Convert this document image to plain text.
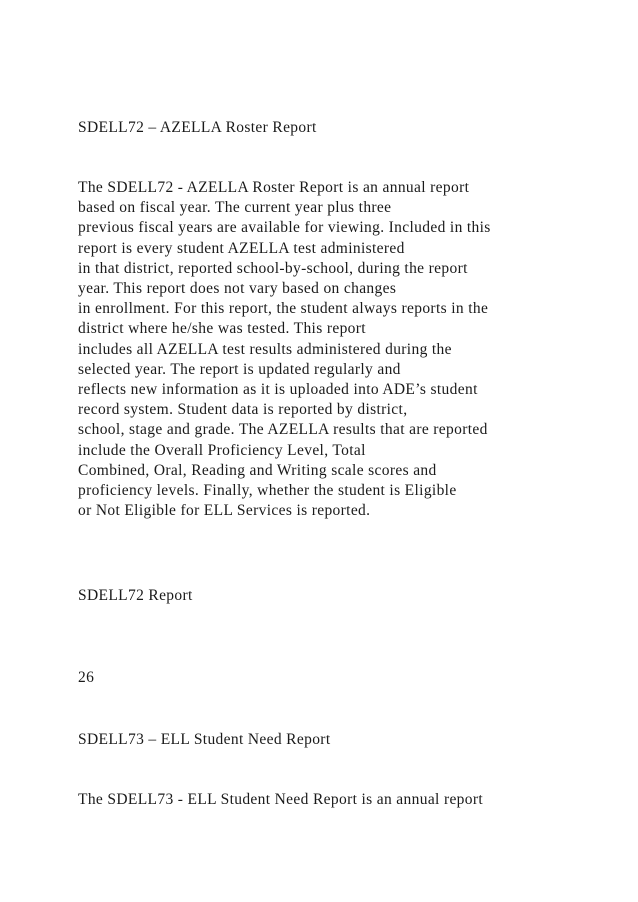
SDELL72 – AZELLA Roster Report
The SDELL72 - AZELLA Roster Report is an annual report
based on fiscal year. The current year plus three
previous fiscal years are available for viewing. Included in this
report is every student AZELLA test administered
in that district, reported school-by-school, during the report
year. This report does not vary based on changes
in enrollment. For this report, the student always reports in the
district where he/she was tested. This report
includes all AZELLA test results administered during the
selected year. The report is updated regularly and
reflects new information as it is uploaded into ADE’s student
record system. Student data is reported by district,
school, stage and grade. The AZELLA results that are reported
include the Overall Proficiency Level, Total
Combined, Oral, Reading and Writing scale scores and
proficiency levels. Finally, whether the student is Eligible
or Not Eligible for ELL Services is reported.
SDELL72 Report
26
SDELL73 – ELL Student Need Report
The SDELL73 - ELL Student Need Report is an annual report
